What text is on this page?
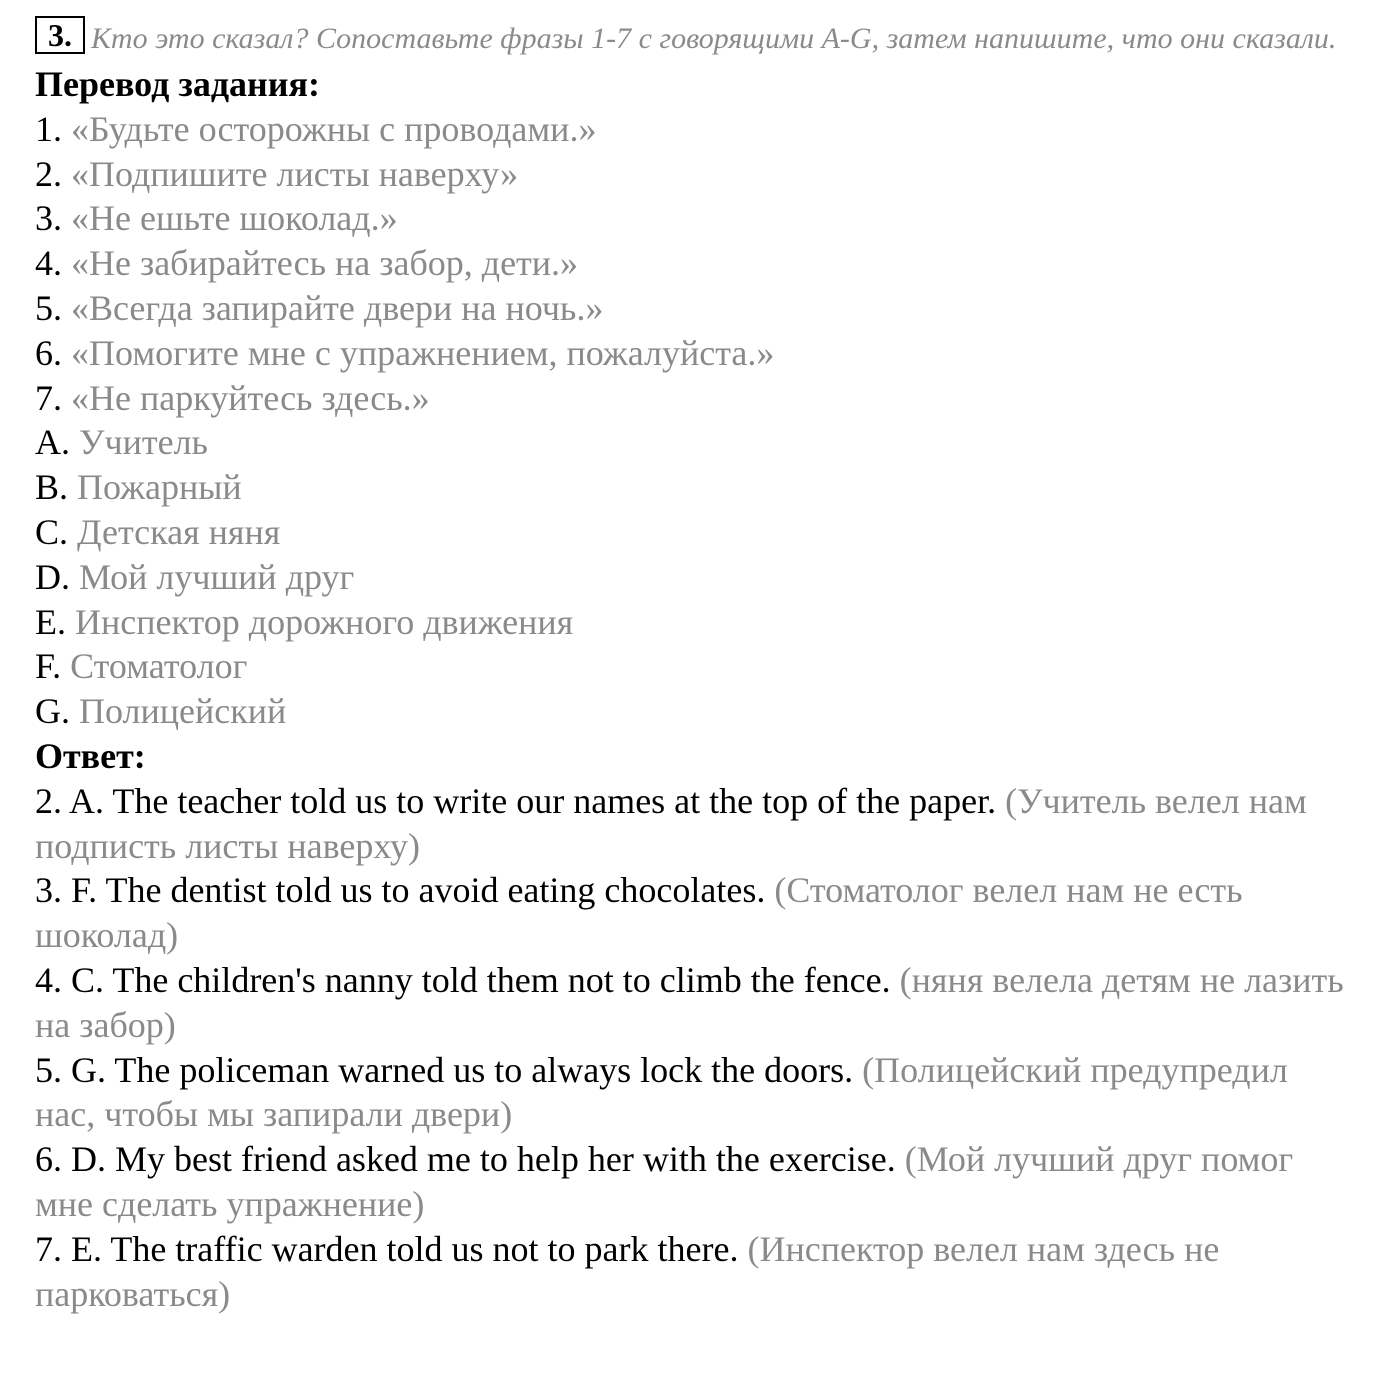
3. Кто это сказал? Сопоставьте фразы 1-7 с говорящими A-G, затем напишите, что они сказали.
Перевод задания:
1. «Будьте осторожны с проводами.»
2. «Подпишите листы наверху»
3. «Не ешьте шоколад.»
4. «Не забирайтесь на забор, дети.»
5. «Всегда запирайте двери на ночь.»
6. «Помогите мне с упражнением, пожалуйста.»
7. «Не паркуйтесь здесь.»
A. Учитель
B. Пожарный
C. Детская няня
D. Мой лучший друг
E. Инспектор дорожного движения
F. Стоматолог
G. Полицейский
Ответ:
2. A. The teacher told us to write our names at the top of the paper. (Учитель велел нам подписть листы наверху)
3. F. The dentist told us to avoid eating chocolates. (Стоматолог велел нам не есть шоколад)
4. C. The children's nanny told them not to climb the fence. (няня велела детям не лазить на забор)
5. G. The policeman warned us to always lock the doors. (Полицейский предупредил нас, чтобы мы запирали двери)
6. D. My best friend asked me to help her with the exercise. (Мой лучший друг помог мне сделать упражнение)
7. E. The traffic warden told us not to park there. (Инспектор велел нам здесь не парковаться)
